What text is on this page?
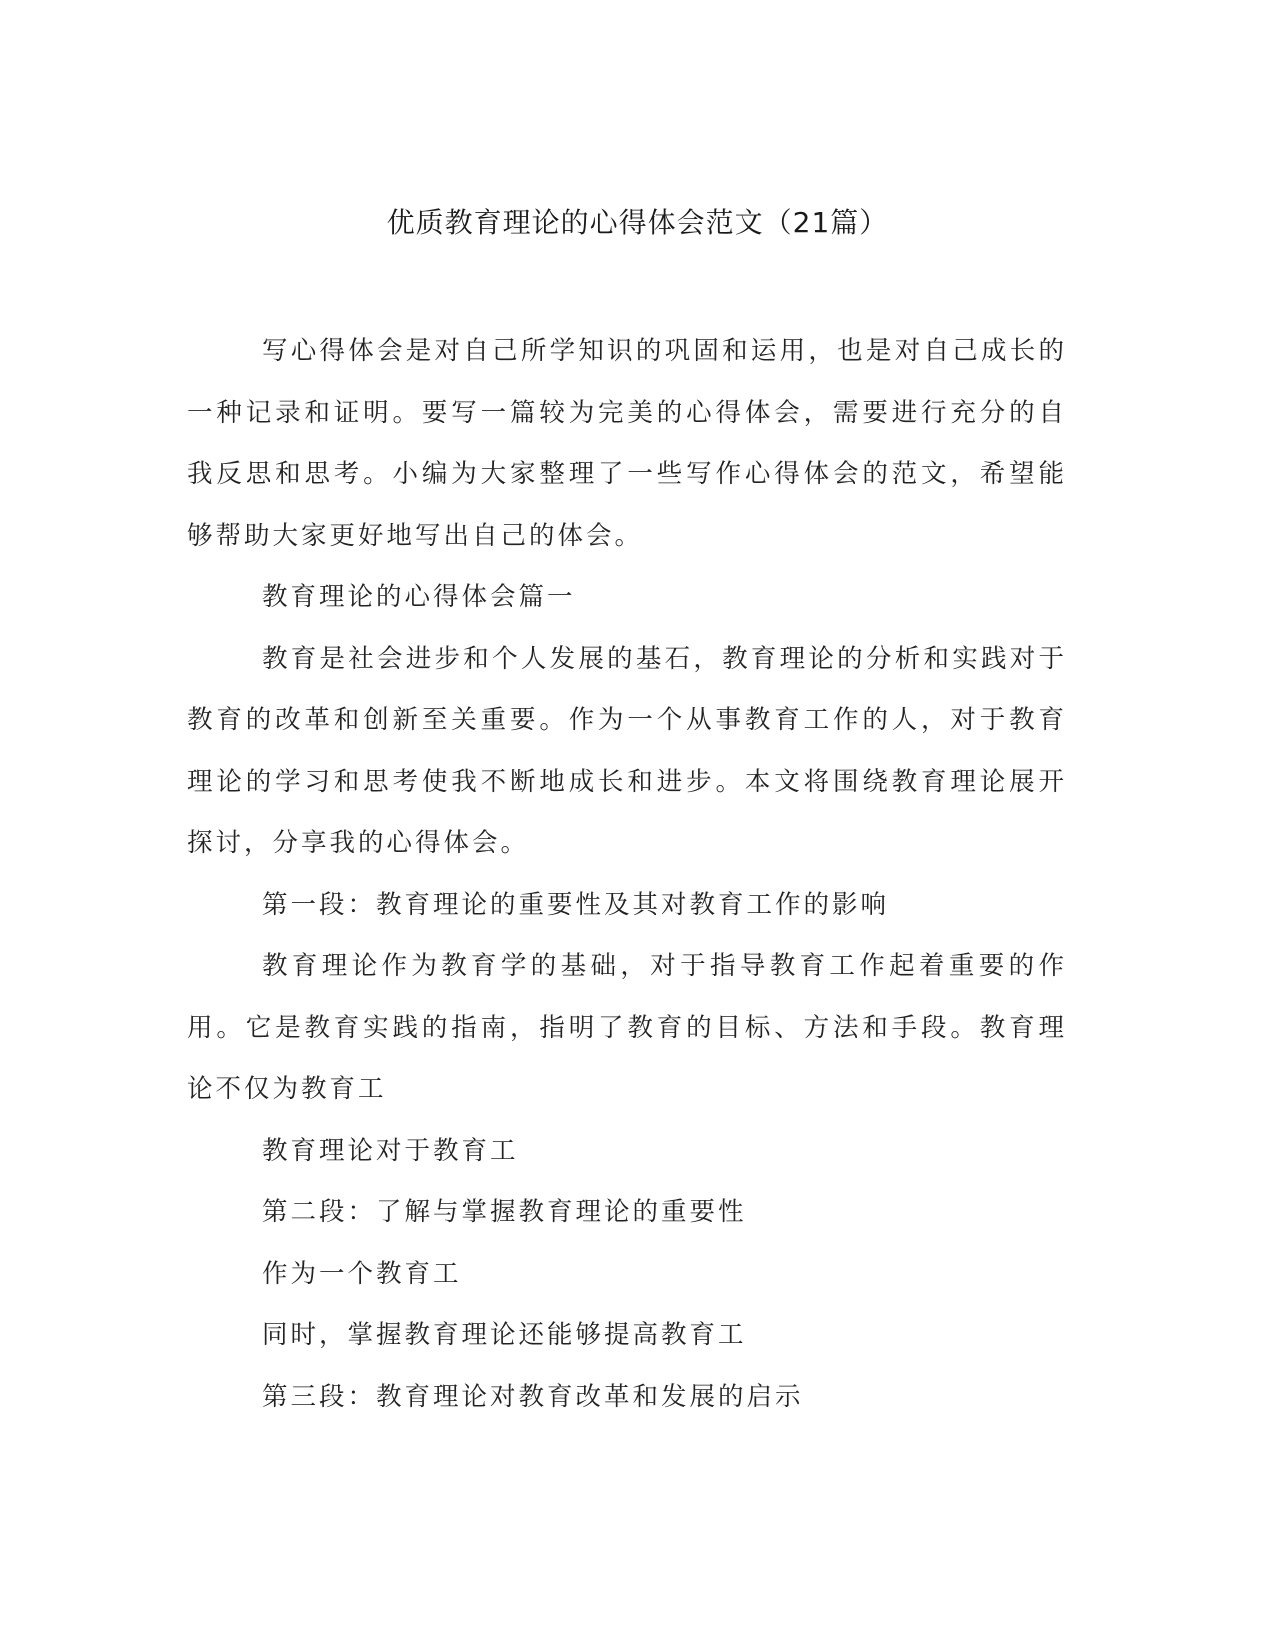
优质教育理论的心得体会范文（21篇）

写心得体会是对自己所学知识的巩固和运用，也是对自己成长的一种记录和证明。要写一篇较为完美的心得体会，需要进行充分的自我反思和思考。小编为大家整理了一些写作心得体会的范文，希望能够帮助大家更好地写出自己的体会。

教育理论的心得体会篇一

教育是社会进步和个人发展的基石，教育理论的分析和实践对于教育的改革和创新至关重要。作为一个从事教育工作的人，对于教育理论的学习和思考使我不断地成长和进步。本文将围绕教育理论展开探讨，分享我的心得体会。

第一段：教育理论的重要性及其对教育工作的影响

教育理论作为教育学的基础，对于指导教育工作起着重要的作用。它是教育实践的指南，指明了教育的目标、方法和手段。教育理论不仅为教育工

教育理论对于教育工

第二段：了解与掌握教育理论的重要性

作为一个教育工

同时，掌握教育理论还能够提高教育工

第三段：教育理论对教育改革和发展的启示
